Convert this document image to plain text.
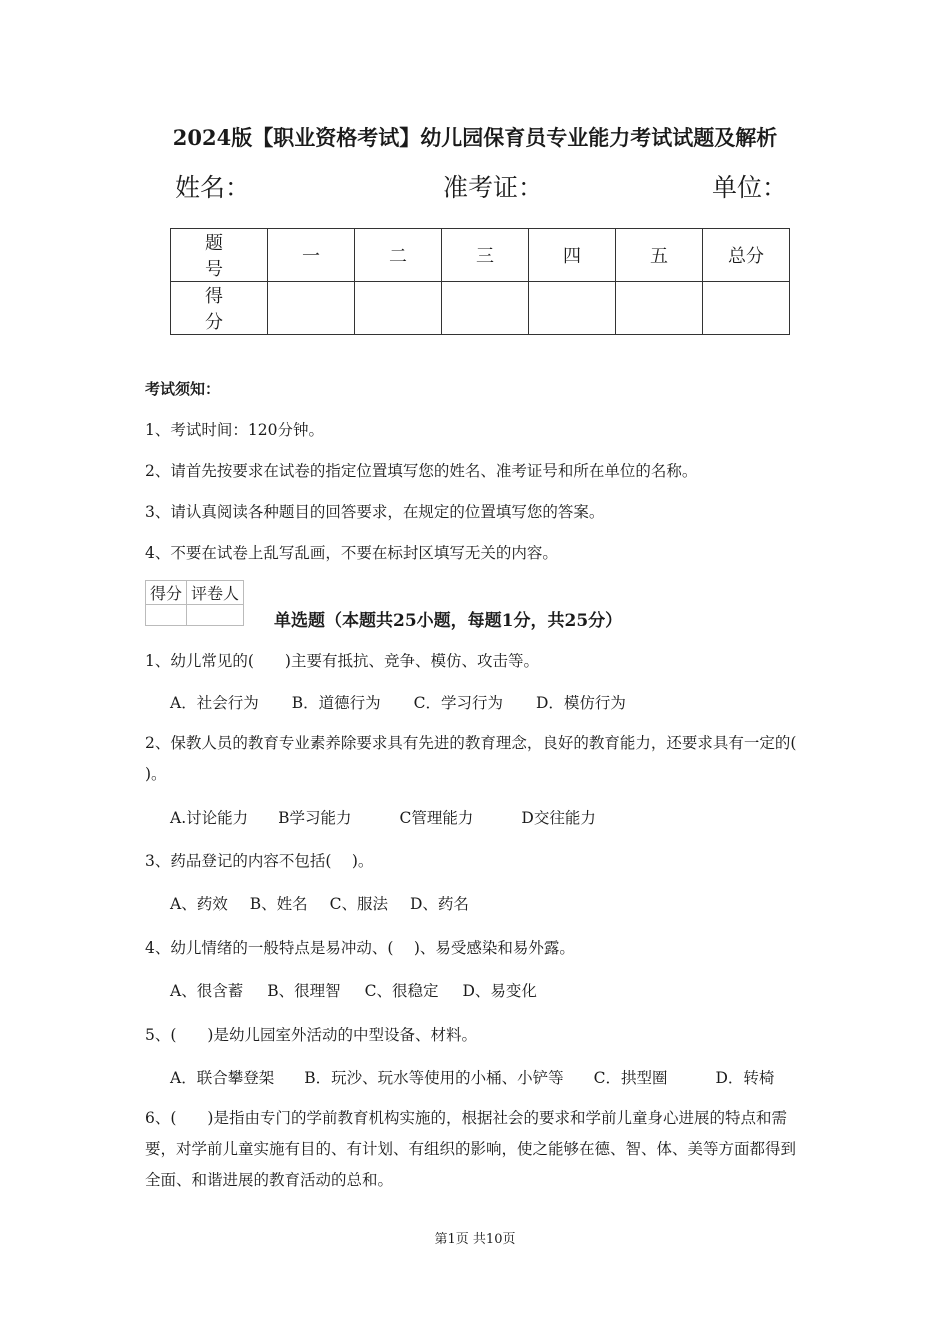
2024版【职业资格考试】幼儿园保育员专业能力考试试题及解析
姓名：	准考证：	单位：
题 号	一	二	三	四	五	总分
得 分						
考试须知：
1、考试时间：120分钟。
2、请首先按要求在试卷的指定位置填写您的姓名、准考证号和所在单位的名称。
3、请认真阅读各种题目的回答要求，在规定的位置填写您的答案。
4、不要在试卷上乱写乱画，不要在标封区填写无关的内容。
得分	评卷人

单选题（本题共25小题，每题1分，共25分）
1、幼儿常见的(　　)主要有抵抗、竞争、模仿、攻击等。
A．社会行为 B．道德行为 C．学习行为 D．模仿行为
2、保教人员的教育专业素养除要求具有先进的教育理念，良好的教育能力，还要求具有一定的(　 )。
A.讨论能力 B学习能力	C管理能力	D交往能力
3、药品登记的内容不包括(　 )。
A、药效 B、姓名 C、服法 D、药名
4、幼儿情绪的一般特点是易冲动、(　 )、易受感染和易外露。
A、很含蓄 B、很理智 C、很稳定 D、易变化
5、(　　)是幼儿园室外活动的中型设备、材料。
A．联合攀登架 B．玩沙、玩水等使用的小桶、小铲等 C．拱型圈	D．转椅
6、(　　)是指由专门的学前教育机构实施的，根据社会的要求和学前儿童身心进展的特点和需要，对学前儿童实施有目的、有计划、有组织的影响，使之能够在德、智、体、美等方面都得到全面、和谐进展的教育活动的总和。
第1页 共10页
